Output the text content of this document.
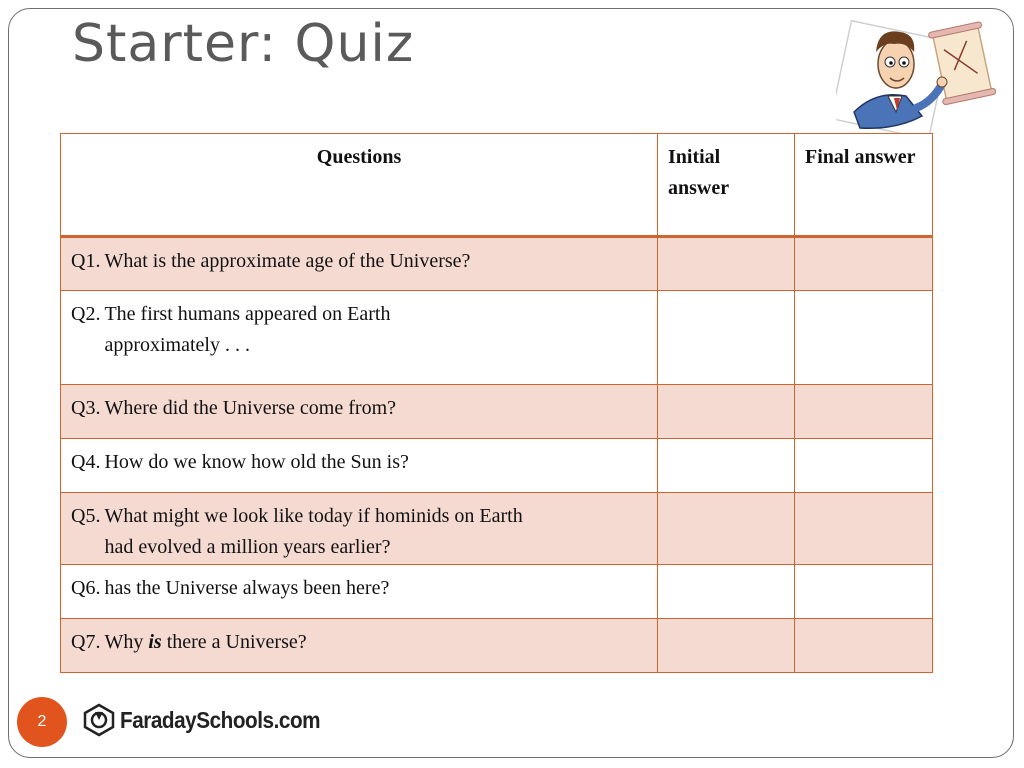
Starter: Quiz
Questions	Initial answer	Final answer

Q1. What is the approximate age of the Universe?		

Q2. The first humans appeared on Earth approximately . . .		

Q3. Where did the Universe come from?		

Q4. How do we know how old the Sun is?		

Q5. What might we look like today if hominids on Earth had evolved a million years earlier?		

Q6. has the Universe always been here?		

Q7. Why is there a Universe?		

2	FaradaySchools.com
